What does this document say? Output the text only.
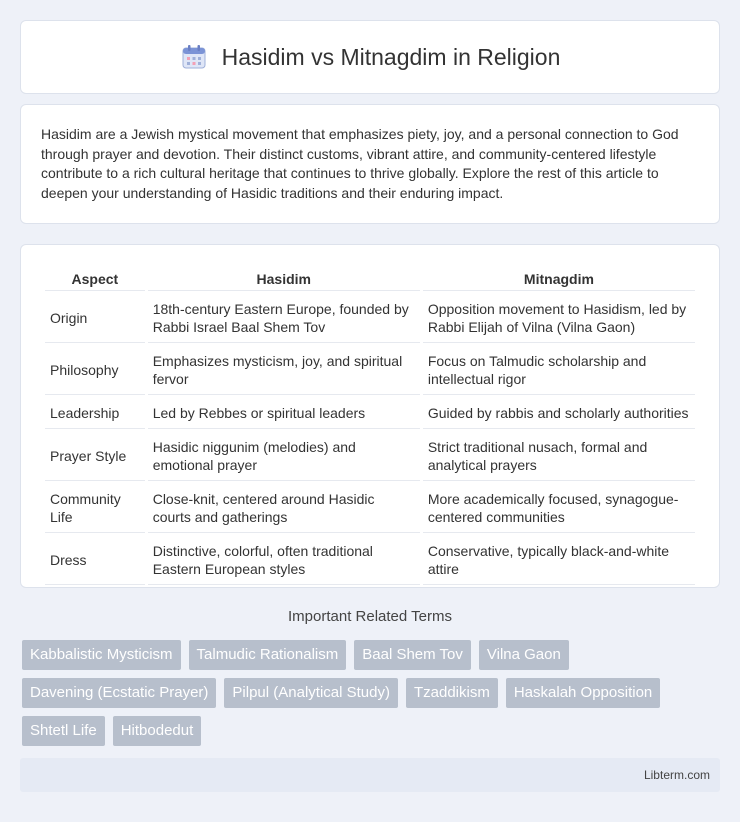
Hasidim vs Mitnagdim in Religion

Hasidim are a Jewish mystical movement that emphasizes piety, joy, and a personal connection to God through prayer and devotion. Their distinct customs, vibrant attire, and community-centered lifestyle contribute to a rich cultural heritage that continues to thrive globally. Explore the rest of this article to deepen your understanding of Hasidic traditions and their enduring impact.

Aspect	Hasidim	Mitnagdim
Origin	18th-century Eastern Europe, founded by Rabbi Israel Baal Shem Tov	Opposition movement to Hasidism, led by Rabbi Elijah of Vilna (Vilna Gaon)
Philosophy	Emphasizes mysticism, joy, and spiritual fervor	Focus on Talmudic scholarship and intellectual rigor
Leadership	Led by Rebbes or spiritual leaders	Guided by rabbis and scholarly authorities
Prayer Style	Hasidic niggunim (melodies) and emotional prayer	Strict traditional nusach, formal and analytical prayers
Community Life	Close-knit, centered around Hasidic courts and gatherings	More academically focused, synagogue-centered communities
Dress	Distinctive, colorful, often traditional Eastern European styles	Conservative, typically black-and-white attire
Important Related Terms
Kabbalistic Mysticism	Talmudic Rationalism	Baal Shem Tov	Vilna Gaon
Davening (Ecstatic Prayer)	Pilpul (Analytical Study)	Tzaddikism	Haskalah Opposition
Shtetl Life	Hitbodedut
Libterm.com
